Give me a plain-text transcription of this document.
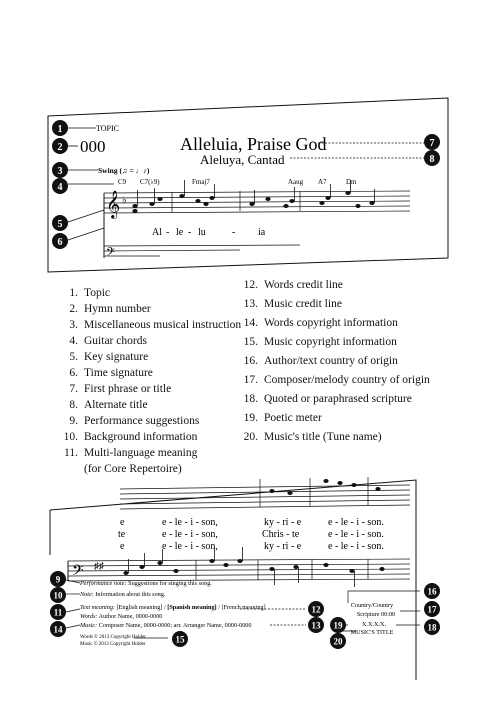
TOPIC
000	Alleluia, Praise God
Aleluya, Cantad
Swing (♫ = ♩♪)
C9 C7(♭9)	Fmaj7	Aaug A7	Dm
𝄞 ♭
Al - le - lu	- ia
𝄢
1
2
3
4
5
6
7
8
1. Topic
2. Hymn number
3. Miscellaneous musical instruction
4. Guitar chords
5. Key signature
6. Time signature
7. First phrase or title
8. Alternate title
9. Performance suggestions
10. Background information
11. Multi-language meaning
(for Core Repertoire)
12. Words credit line
13. Music credit line
14. Words copyright information
15. Music copyright information
16. Author/text country of origin
17. Composer/melody country of origin
18. Quoted or paraphrased scripture
19. Poetic meter
20. Music's title (Tune name)
e	e - le - i - son,	ky - ri - e	e - le - i - son.
te	e - le - i - son,	Chris - te	e - le - i - son.
e	e - le - i - son,	ky - ri - e	e - le - i - son.
𝄢 ♯♯
Performance note: Suggestions for singing this song.
Note: Information about this song.
Text meaning: [English meaning] / [Spanish meaning] / [French meaning]
Words: Author Name, 0000-0000
Music: Composer Name, 0000-0000; arr. Arranger Name, 0000-0000
Words © 2013 Copyright Holder
Music © 2013 Copyright Holder
Country/Country
Scripture 00:00
X.X.X.X.
MUSIC'S TITLE
9
10
11
14
15
12
13
16
17
18
19
20
